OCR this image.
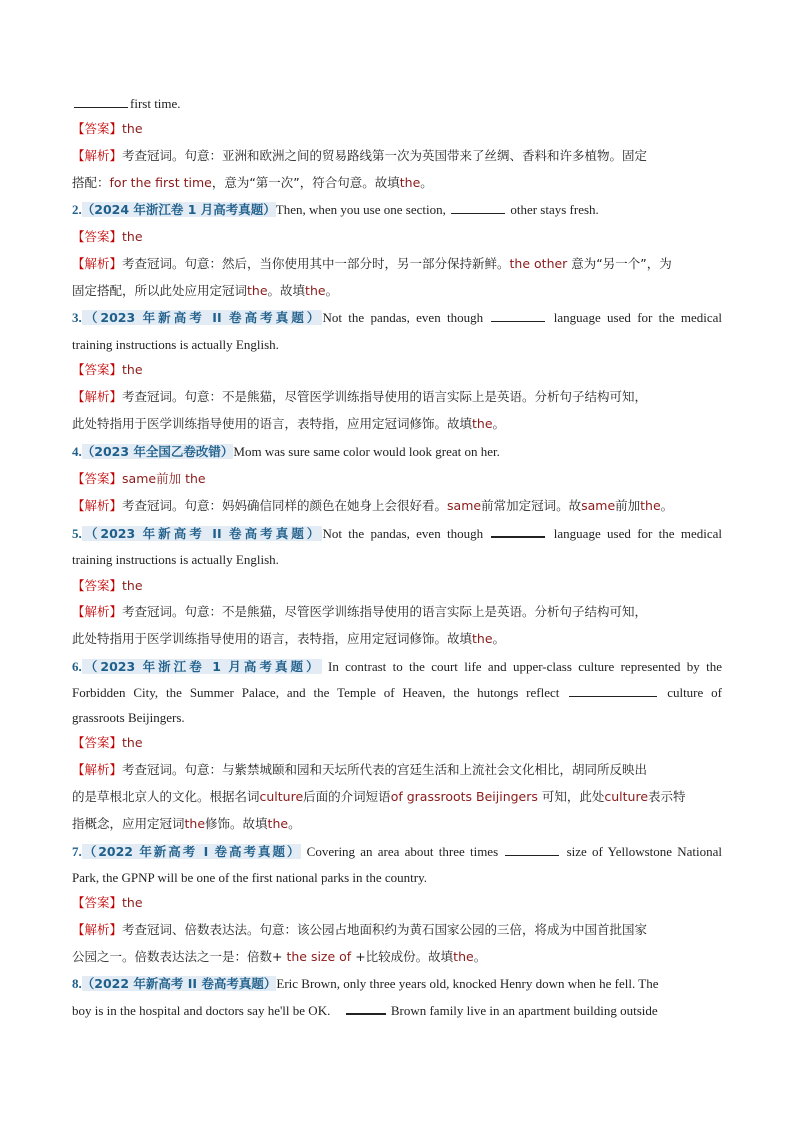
first time.
【答案】the
【解析】考查冠词。句意：亚洲和欧洲之间的贸易路线第一次为英国带来了丝绸、香料和许多植物。固定
搭配：for the first time，意为“第一次”，符合句意。故填the。
2.（2024 年浙江卷 1 月高考真题）Then, when you use one section,	other stays fresh.
【答案】the
【解析】考查冠词。句意：然后，当你使用其中一部分时，另一部分保持新鲜。the other 意为“另一个”，为
固定搭配，所以此处应用定冠词the。故填the。
3.（2023 年新高考 II 卷高考真题）Not the pandas, even though	language used for the medical
training instructions is actually English.
【答案】the
【解析】考查冠词。句意：不是熊猫，尽管医学训练指导使用的语言实际上是英语。分析句子结构可知，
此处特指用于医学训练指导使用的语言，表特指，应用定冠词修饰。故填the。
4.（2023 年全国乙卷改错）Mom was sure same color would look great on her.
【答案】same前加 the
【解析】考查冠词。句意：妈妈确信同样的颜色在她身上会很好看。same前常加定冠词。故same前加the。
5.（2023 年新高考 II 卷高考真题）Not the pandas, even though	language used for the medical
training instructions is actually English.
【答案】the
【解析】考查冠词。句意：不是熊猫，尽管医学训练指导使用的语言实际上是英语。分析句子结构可知，
此处特指用于医学训练指导使用的语言，表特指，应用定冠词修饰。故填the。
6.（2023 年浙江卷 1 月高考真题） In contrast to the court life and upper-class culture represented by the
Forbidden City, the Summer Palace, and the Temple of Heaven, the hutongs reflect	culture of
grassroots Beijingers.
【答案】the
【解析】考查冠词。句意：与紫禁城颐和园和天坛所代表的宫廷生活和上流社会文化相比，胡同所反映出
的是草根北京人的文化。根据名词culture后面的介词短语of grassroots Beijingers 可知，此处culture表示特
指概念，应用定冠词the修饰。故填the。
7.（2022 年新高考 I 卷高考真题） Covering an area about three times	size of Yellowstone National
Park, the GPNP will be one of the first national parks in the country.
【答案】the
【解析】考查冠词、倍数表达法。句意：该公园占地面积约为黄石国家公园的三倍，将成为中国首批国家
公园之一。倍数表达法之一是：倍数+ the size of +比较成份。故填the。
8.（2022 年新高考 II 卷高考真题）Eric Brown, only three years old, knocked Henry down when he fell. The
boy is in the hospital and doctors say he'll be OK.	Brown family live in an apartment building outside
